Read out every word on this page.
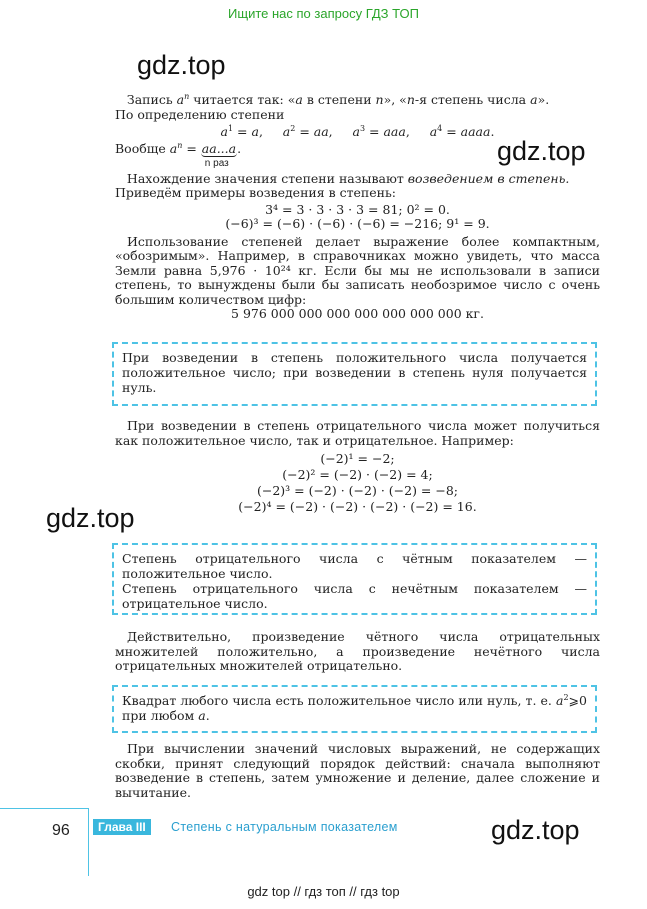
Ищите нас по запросу ГДЗ ТОП
gdz.top
gdz.top
gdz.top
gdz.top

Запись $a^n$ читается так: «a в степени n», «n-я степень числа a».

По определению степени

$a^1 = a$,     $a^2$ = aa,     $a^3$ = aaa,     $a^4$ = aaaa.

Вообще $a^n = aa...a$
n раз
.

Нахождение значения степени называют возведением в степень.

Приведём примеры возведения в степень:

3⁴ = 3 · 3 · 3 · 3 = 81; 0² = 0.

(−6)³ = (−6) · (−6) · (−6) = −216; 9¹ = 9.

Использование степеней делает выражение более компактным, «обозримым». Например, в справочниках можно увидеть, что масса Земли равна 5,976 · 10²⁴ кг. Если бы мы не использовали в записи степень, то вынуждены были бы записать необозримое число с очень большим количеством цифр:

5 976 000 000 000 000 000 000 000 кг.

При возведении в степень положительного числа получается положительное число; при возведении в степень нуля получается нуль.

При возведении в степень отрицательного числа может получиться как положительное число, так и отрицательное. Например:

(−2)¹ = −2;

(−2)² = (−2) · (−2) = 4;

(−2)³ = (−2) · (−2) · (−2) = −8;

(−2)⁴ = (−2) · (−2) · (−2) · (−2) = 16.

Степень отрицательного числа с чётным показателем — положительное число.

Степень отрицательного числа с нечётным показателем — отрицательное число.

Действительно, произведение чётного числа отрицательных множителей положительно, а произведение нечётного числа отрицательных множителей отрицательно.

Квадрат любого числа есть положительное число или нуль, т. е. $a^2⩾0$ при любом a.

При вычислении значений числовых выражений, не содержащих скобки, принят следующий порядок действий: сначала выполняют возведение в степень, затем умножение и деление, далее сложение и вычитание.

96	Глава III	Степень с натуральным показателем
gdz top // гдз топ // гдз top
